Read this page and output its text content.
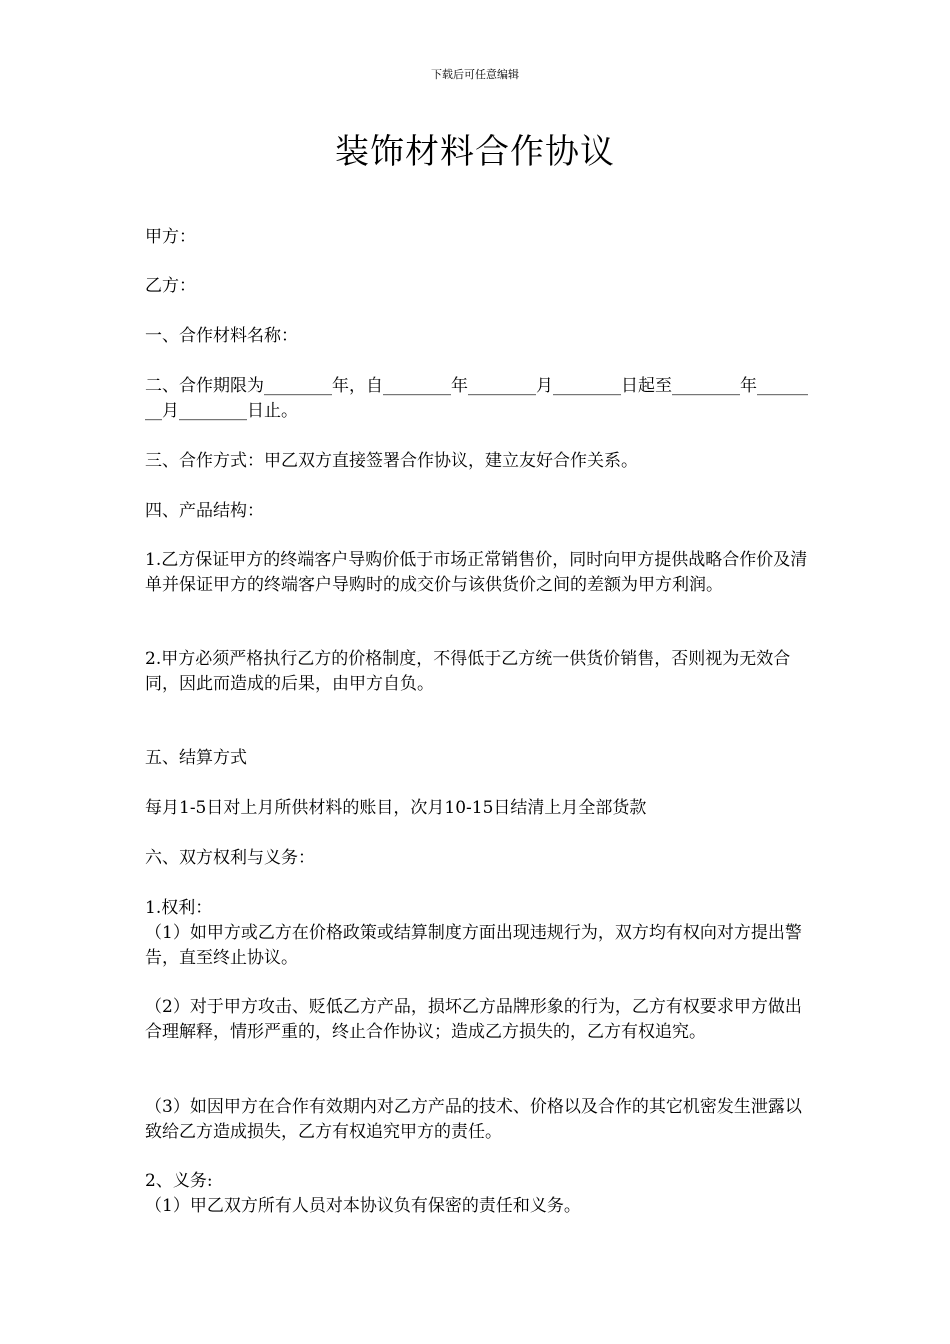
下载后可任意编辑
装饰材料合作协议
甲方：
乙方：
一、合作材料名称：
二、合作期限为________年，自________年________月________日起至________年________月________日止。
三、合作方式：甲乙双方直接签署合作协议，建立友好合作关系。
四、产品结构：
1.乙方保证甲方的终端客户导购价低于市场正常销售价，同时向甲方提供战略合作价及清单并保证甲方的终端客户导购时的成交价与该供货价之间的差额为甲方利润。
2.甲方必须严格执行乙方的价格制度，不得低于乙方统一供货价销售，否则视为无效合同，因此而造成的后果，由甲方自负。
五、结算方式
每月1-5日对上月所供材料的账目，次月10-15日结清上月全部货款
六、双方权利与义务：
1.权利：
（1）如甲方或乙方在价格政策或结算制度方面出现违规行为，双方均有权向对方提出警告，直至终止协议。
（2）对于甲方攻击、贬低乙方产品，损坏乙方品牌形象的行为，乙方有权要求甲方做出合理解释，情形严重的，终止合作协议；造成乙方损失的，乙方有权追究。
（3）如因甲方在合作有效期内对乙方产品的技术、价格以及合作的其它机密发生泄露以致给乙方造成损失，乙方有权追究甲方的责任。
2、义务:
（1）甲乙双方所有人员对本协议负有保密的责任和义务。
